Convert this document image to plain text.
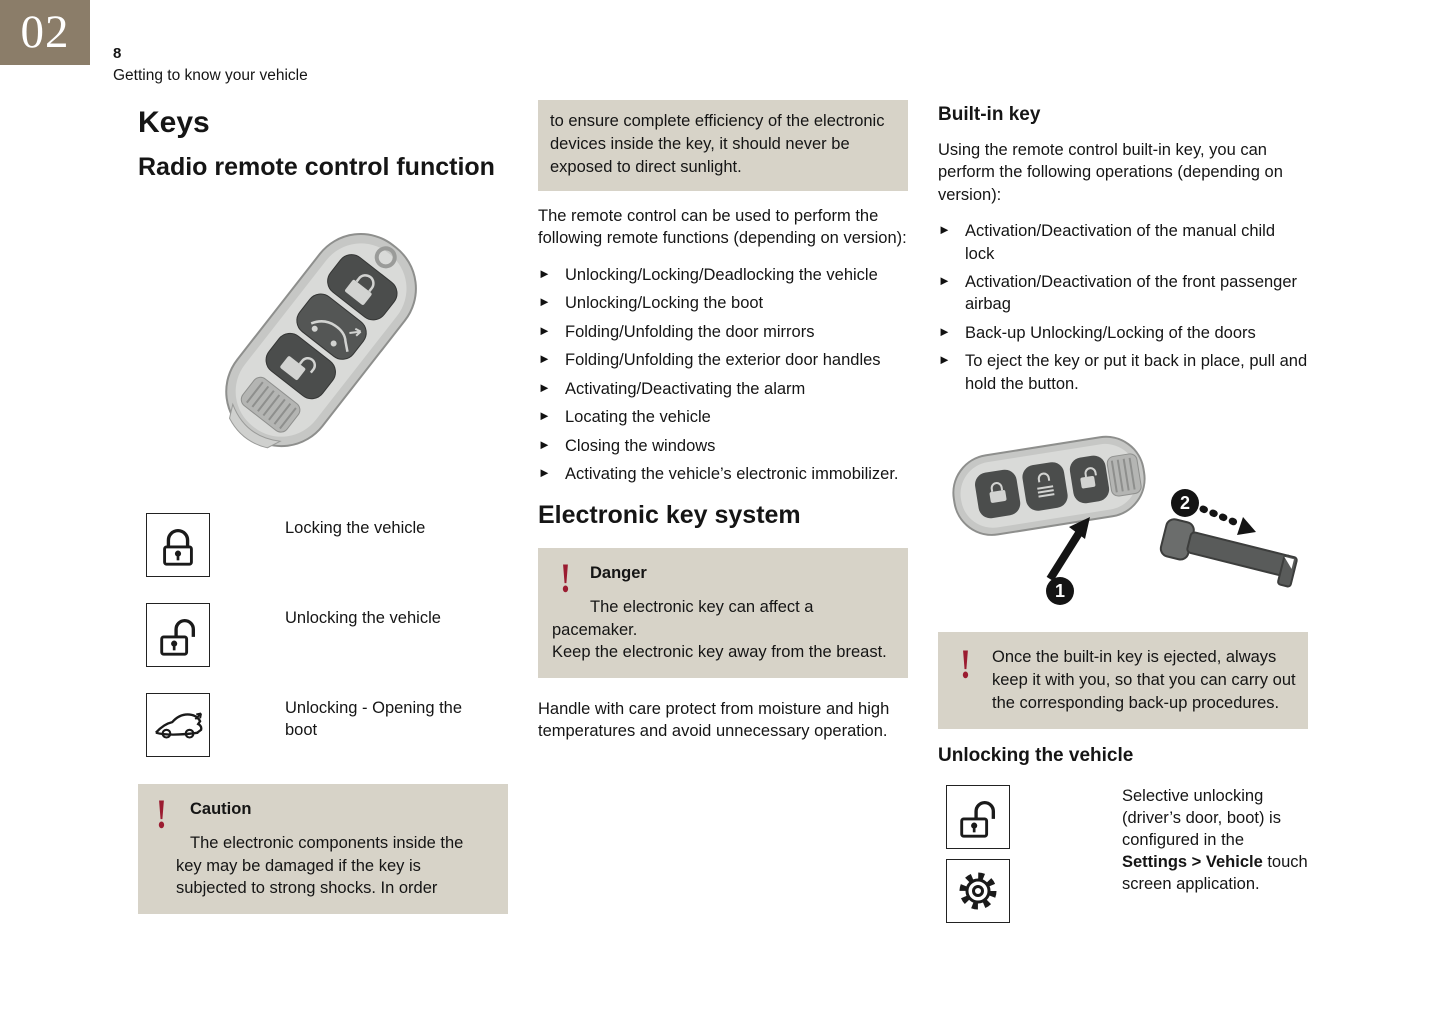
02	8
Getting to know your vehicle
Keys
Radio remote control function
Locking the vehicle
Unlocking the vehicle
Unlocking - Opening the boot
!	Caution
The electronic components inside the key may be damaged if the key is subjected to strong shocks. In order
to ensure complete efficiency of the electronic devices inside the key, it should never be exposed to direct sunlight.

The remote control can be used to perform the following remote functions (depending on version):

► Unlocking/Locking/Deadlocking the vehicle
► Unlocking/Locking the boot
► Folding/Unfolding the door mirrors
► Folding/Unfolding the exterior door handles
► Activating/Deactivating the alarm
► Locating the vehicle
► Closing the windows
► Activating the vehicle’s electronic immobilizer.
Electronic key system
!	Danger
The electronic key can affect a pacemaker.
Keep the electronic key away from the breast.

Handle with care protect from moisture and high temperatures and avoid unnecessary operation.

Built-in key

Using the remote control built-in key, you can perform the following operations (depending on version):

► Activation/Deactivation of the manual child lock
► Activation/Deactivation of the front passenger airbag
► Back-up Unlocking/Locking of the doors
► To eject the key or put it back in place, pull and hold the button.
1
2
!	Once the built-in key is ejected, always keep it with you, so that you can carry out the corresponding back-up procedures.
Unlocking the vehicle
Selective unlocking (driver’s door, boot) is configured in the Settings > Vehicle touch screen application.
